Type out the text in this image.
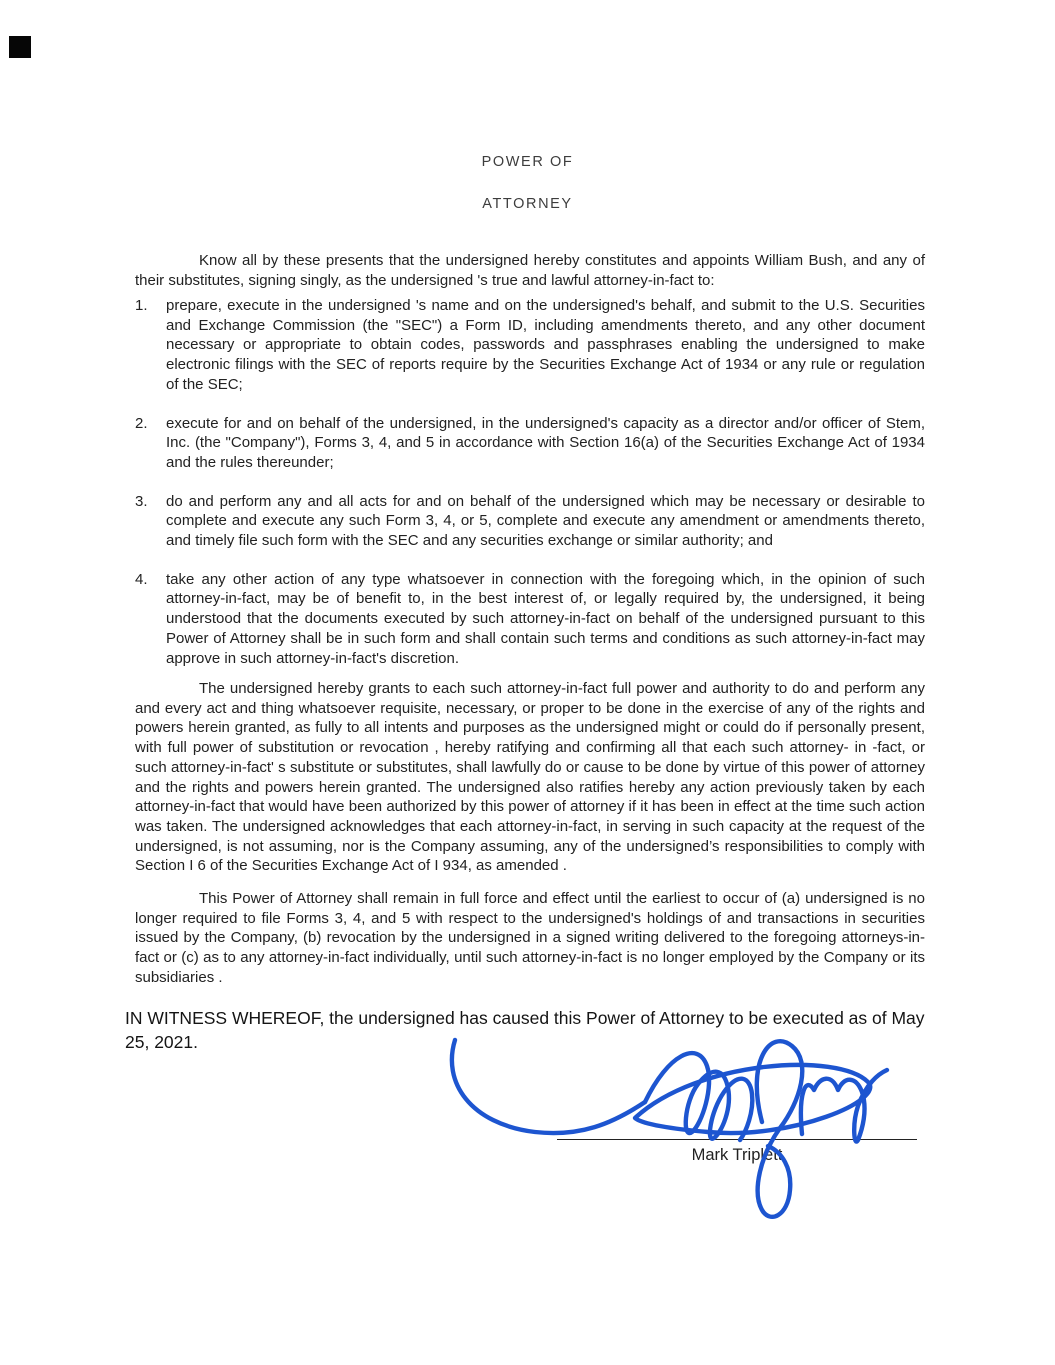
POWER OF

ATTORNEY

Know all by these presents that the undersigned hereby constitutes and appoints William Bush, and any of their substitutes, signing singly, as the undersigned 's true and lawful attorney-in-fact to:

1. prepare, execute in the undersigned 's name and on the undersigned's behalf, and submit to the U.S. Securities and Exchange Commission (the "SEC") a Form ID, including amendments thereto, and any other document necessary or appropriate to obtain codes, passwords and passphrases enabling the undersigned to make electronic filings with the SEC of reports require by the Securities Exchange Act of 1934 or any rule or regulation of the SEC;
2. execute for and on behalf of the undersigned, in the undersigned's capacity as a director and/or officer of Stem, Inc. (the "Company"), Forms 3, 4, and 5 in accordance with Section 16(a) of the Securities Exchange Act of 1934 and the rules thereunder;
3. do and perform any and all acts for and on behalf of the undersigned which may be necessary or desirable to complete and execute any such Form 3, 4, or 5, complete and execute any amendment or amendments thereto, and timely file such form with the SEC and any securities exchange or similar authority; and
4. take any other action of any type whatsoever in connection with the foregoing which, in the opinion of such attorney-in-fact, may be of benefit to, in the best interest of, or legally required by, the undersigned, it being understood that the documents executed by such attorney-in-fact on behalf of the undersigned pursuant to this Power of Attorney shall be in such form and shall contain such terms and conditions as such attorney-in-fact may approve in such attorney-in-fact's discretion.

The undersigned hereby grants to each such attorney-in-fact full power and authority to do and perform any and every act and thing whatsoever requisite, necessary, or proper to be done in the exercise of any of the rights and powers herein granted, as fully to all intents and purposes as the undersigned might or could do if personally present, with full power of substitution or revocation , hereby ratifying and confirming all that each such attorney- in -fact, or such attorney-in-fact' s substitute or substitutes, shall lawfully do or cause to be done by virtue of this power of attorney and the rights and powers herein granted. The undersigned also ratifies hereby any action previously taken by each attorney-in-fact that would have been authorized by this power of attorney if it has been in effect at the time such action was taken. The undersigned acknowledges that each attorney-in-fact, in serving in such capacity at the request of the undersigned, is not assuming, nor is the Company assuming, any of the undersigned’s responsibilities to comply with Section I 6 of the Securities Exchange Act of I 934, as amended .

This Power of Attorney shall remain in full force and effect until the earliest to occur of (a) undersigned is no longer required to file Forms 3, 4, and 5 with respect to the undersigned's holdings of and transactions in securities issued by the Company, (b) revocation by the undersigned in a signed writing delivered to the foregoing attorneys-in- fact or (c) as to any attorney-in-fact individually, until such attorney-in-fact is no longer employed by the Company or its subsidiaries .

IN WITNESS WHEREOF, the undersigned has caused this Power of Attorney to be executed as of May 25, 2021.

Mark Triplett
